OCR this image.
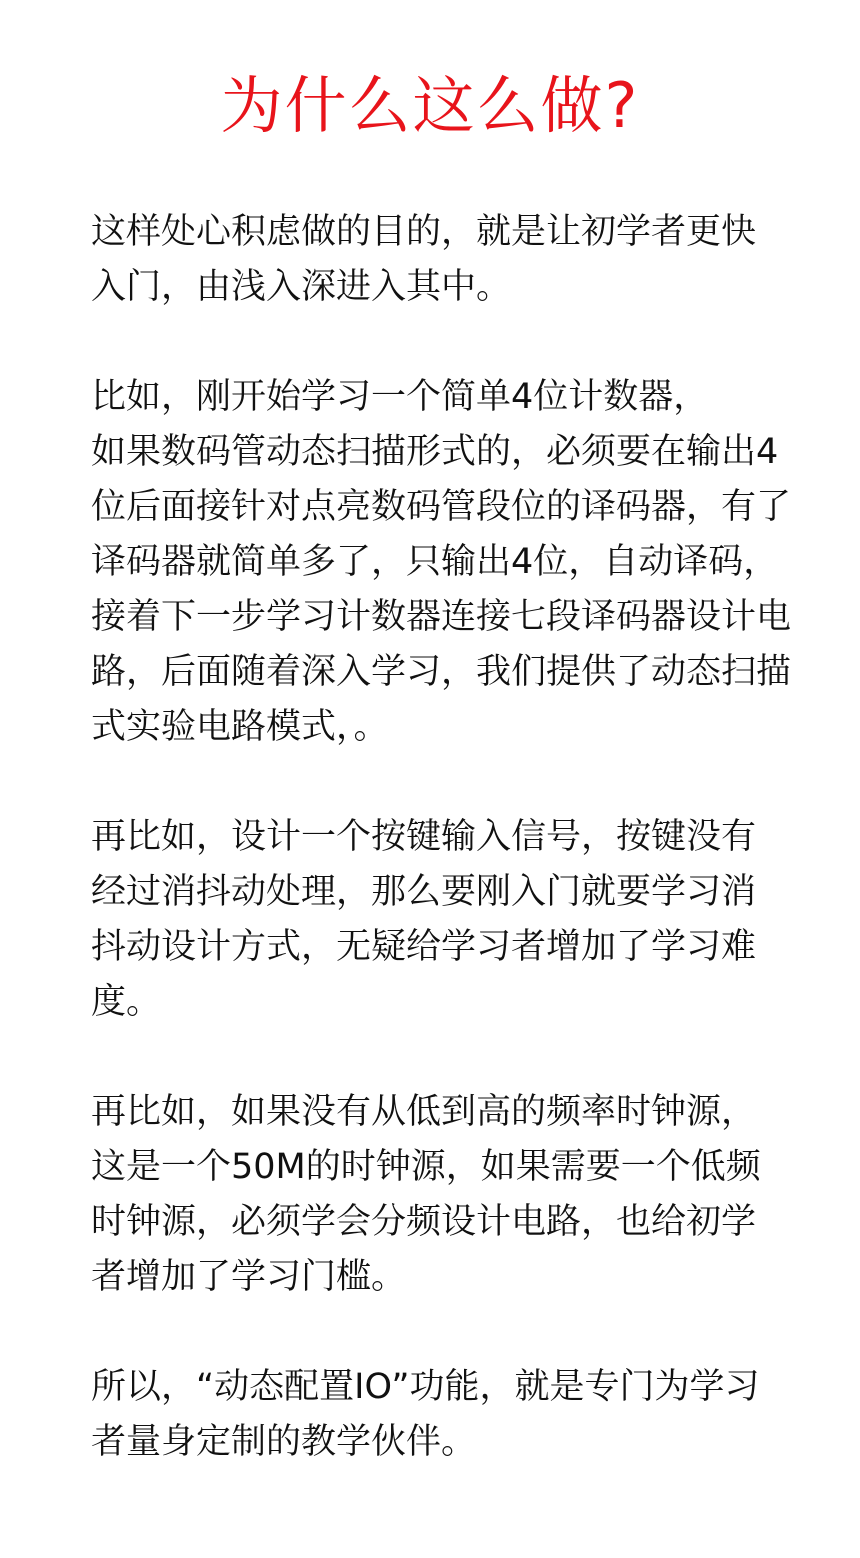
为什么这么做?
这样处心积虑做的目的，就是让初学者更快
入门，由浅入深进入其中。
比如，刚开始学习一个简单4位计数器，
如果数码管动态扫描形式的，必须要在输出4
位后面接针对点亮数码管段位的译码器，有了
译码器就简单多了，只输出4位，自动译码，
接着下一步学习计数器连接七段译码器设计电
路，后面随着深入学习，我们提供了动态扫描
式实验电路模式，。
再比如，设计一个按键输入信号，按键没有
经过消抖动处理，那么要刚入门就要学习消
抖动设计方式，无疑给学习者增加了学习难
度。
再比如，如果没有从低到高的频率时钟源，
这是一个50M的时钟源，如果需要一个低频
时钟源，必须学会分频设计电路，也给初学
者增加了学习门槛。
所以，“动态配置IO”功能，就是专门为学习
者量身定制的教学伙伴。
